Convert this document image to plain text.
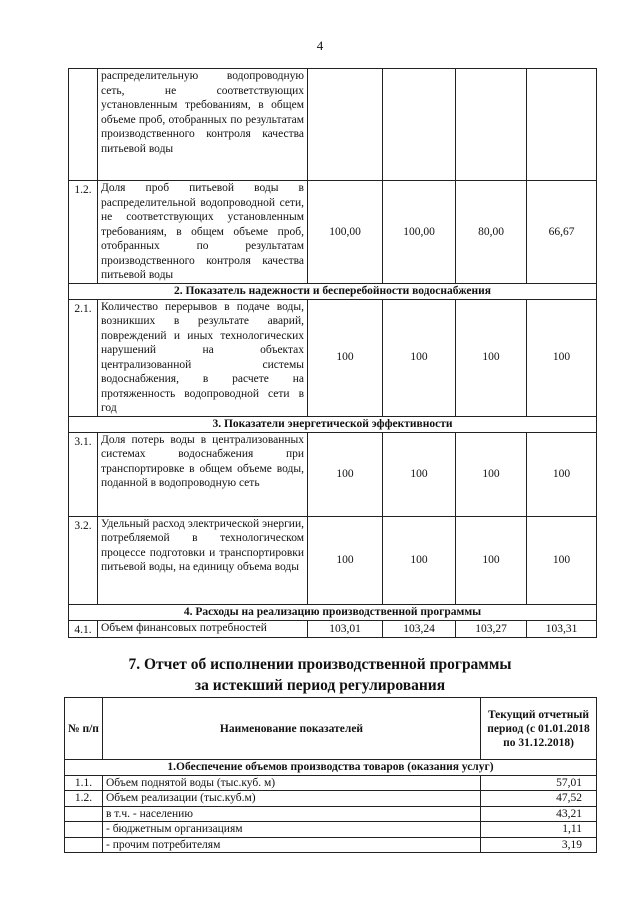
4
	распределительную водопроводную сеть, не соответствующих установленным требованиям, в общем объеме проб, отобранных по результатам производственного контроля качества питьевой воды				
1.2.	Доля проб питьевой воды в распределительной водопроводной сети, не соответствующих установленным требованиям, в общем объеме проб, отобранных по результатам производственного контроля качества питьевой воды	100,00	100,00	80,00	66,67
2. Показатель надежности и бесперебойности водоснабжения					
2.1.	Количество перерывов в подаче воды, возникших в результате аварий, повреждений и иных технологических нарушений на объектах централизованной системы водоснабжения, в расчете на протяженность водопроводной сети в год	100	100	100	100
3. Показатели энергетической эффективности					
3.1.	Доля потерь воды в централизованных системах водоснабжения при транспортировке в общем объеме воды, поданной в водопроводную сеть	100	100	100	100
3.2.	Удельный расход электрической энергии, потребляемой в технологическом процессе подготовки и транспортировки питьевой воды, на единицу объема воды	100	100	100	100
4. Расходы на реализацию производственной программы					
4.1.	Объем финансовых потребностей	103,01	103,24	103,27	103,31
7. Отчет об исполнении производственной программы
за истекший период регулирования
№ п/п	Наименование показателей	Текущий отчетный период (с 01.01.2018 по 31.12.2018)
1.Обеспечение объемов производства товаров (оказания услуг)		
1.1.	Объем поднятой воды (тыс.куб. м)	57,01
1.2.	Объем реализации (тыс.куб.м)	47,52
	в т.ч. - населению	43,21
	- бюджетным организациям	1,11
	- прочим потребителям	3,19
